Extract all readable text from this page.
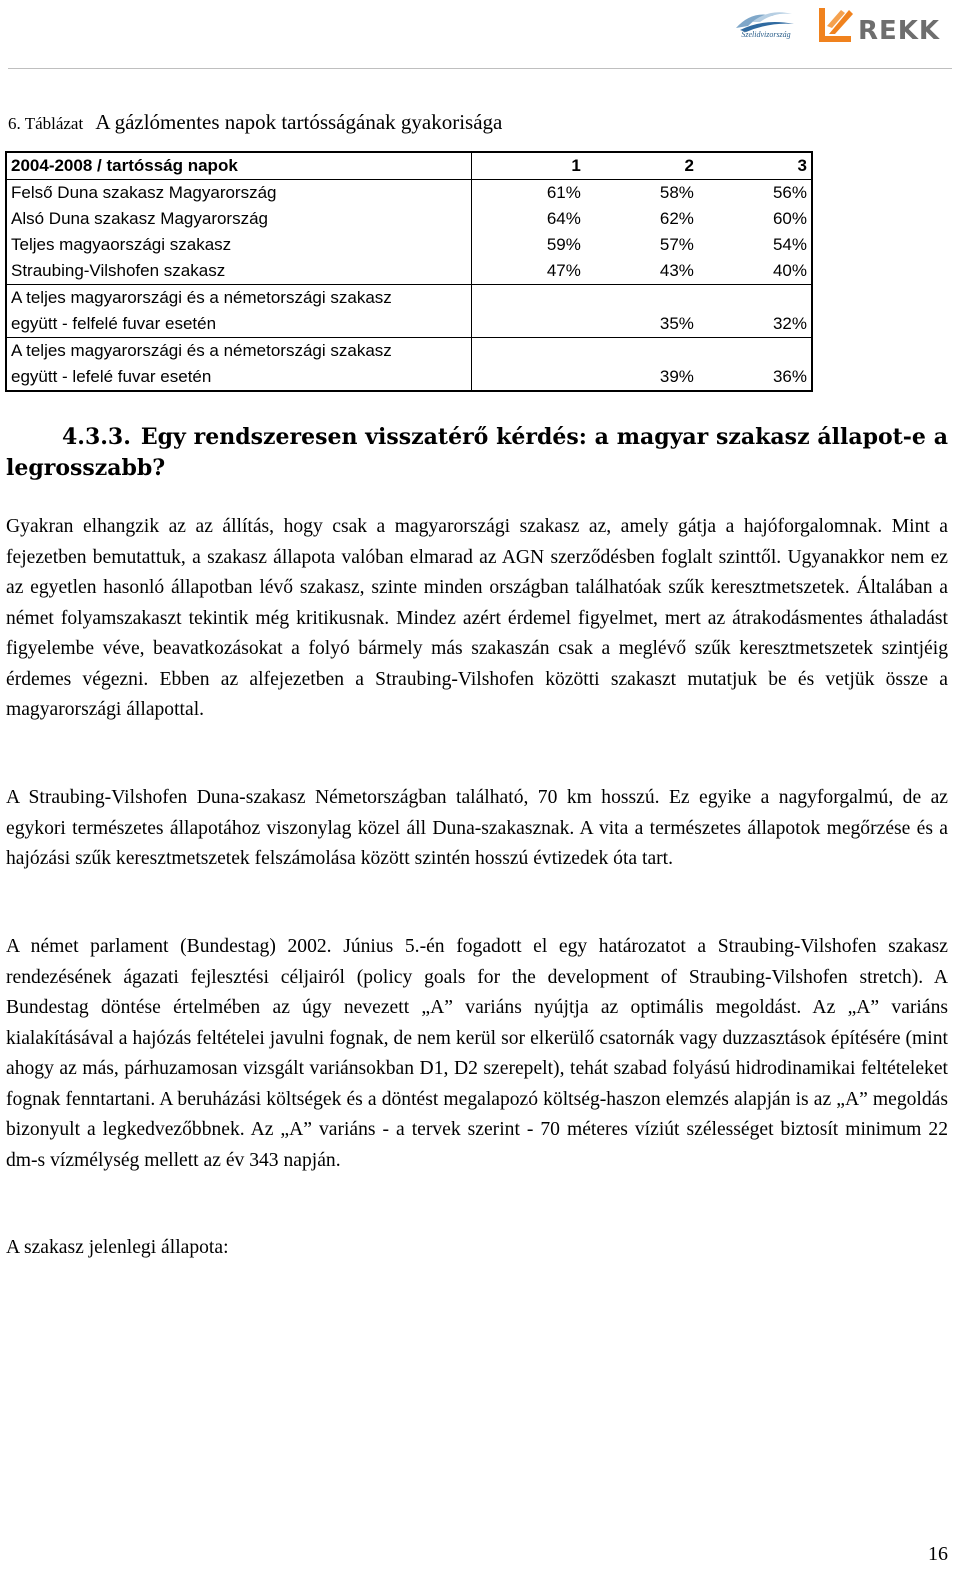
Szelidvizország	REKK
6. Táblázat A gázlómentes napok tartósságának gyakorisága
2004-2008 / tartósság napok	1	2	3
Felső Duna szakasz Magyarország	61%	58%	56%
Alsó Duna szakasz Magyarország	64%	62%	60%
Teljes magyaországi szakasz	59%	57%	54%
Straubing-Vilshofen szakasz	47%	43%	40%

A teljes magyarországi és a németországi szakasz
együtt - felfelé fuvar esetén		35%	32%

A teljes magyarországi és a németországi szakasz
együtt - lefelé fuvar esetén		39%	36%
4.3.3. Egy rendszeresen visszatérő kérdés: a magyar szakasz állapot-e a legrosszabb?
Gyakran elhangzik az az állítás, hogy csak a magyarországi szakasz az, amely gátja a hajóforgalomnak. Mint a fejezetben bemutattuk, a szakasz állapota valóban elmarad az AGN szerződésben foglalt szinttől. Ugyanakkor nem ez az egyetlen hasonló állapotban lévő szakasz, szinte minden országban találhatóak szűk keresztmetszetek. Általában a német folyamszakaszt tekintik még kritikusnak. Mindez azért érdemel figyelmet, mert az átrakodásmentes áthaladást figyelembe véve, beavatkozásokat a folyó bármely más szakaszán csak a meglévő szűk keresztmetszetek szintjéig érdemes végezni. Ebben az alfejezetben a Straubing-Vilshofen közötti szakaszt mutatjuk be és vetjük össze a magyarországi állapottal.
A Straubing-Vilshofen Duna-szakasz Németországban található, 70 km hosszú. Ez egyike a nagyforgalmú, de az egykori természetes állapotához viszonylag közel áll Duna-szakasznak. A vita a természetes állapotok megőrzése és a hajózási szűk keresztmetszetek felszámolása között szintén hosszú évtizedek óta tart.
A német parlament (Bundestag) 2002. Június 5.-én fogadott el egy határozatot a Straubing-Vilshofen szakasz rendezésének ágazati fejlesztési céljairól (policy goals for the development of Straubing-Vilshofen stretch). A Bundestag döntése értelmében az úgy nevezett „A” variáns nyújtja az optimális megoldást. Az „A” variáns kialakításával a hajózás feltételei javulni fognak, de nem kerül sor elkerülő csatornák vagy duzzasztások építésére (mint ahogy az más, párhuzamosan vizsgált variánsokban D1, D2 szerepelt), tehát szabad folyású hidrodinamikai feltételeket fognak fenntartani. A beruházási költségek és a döntést megalapozó költség-haszon elemzés alapján is az „A” megoldás bizonyult a legkedvezőbbnek. Az „A” variáns - a tervek szerint - 70 méteres víziút szélességet biztosít minimum 22 dm-s vízmélység mellett az év 343 napján.
A szakasz jelenlegi állapota:
16
